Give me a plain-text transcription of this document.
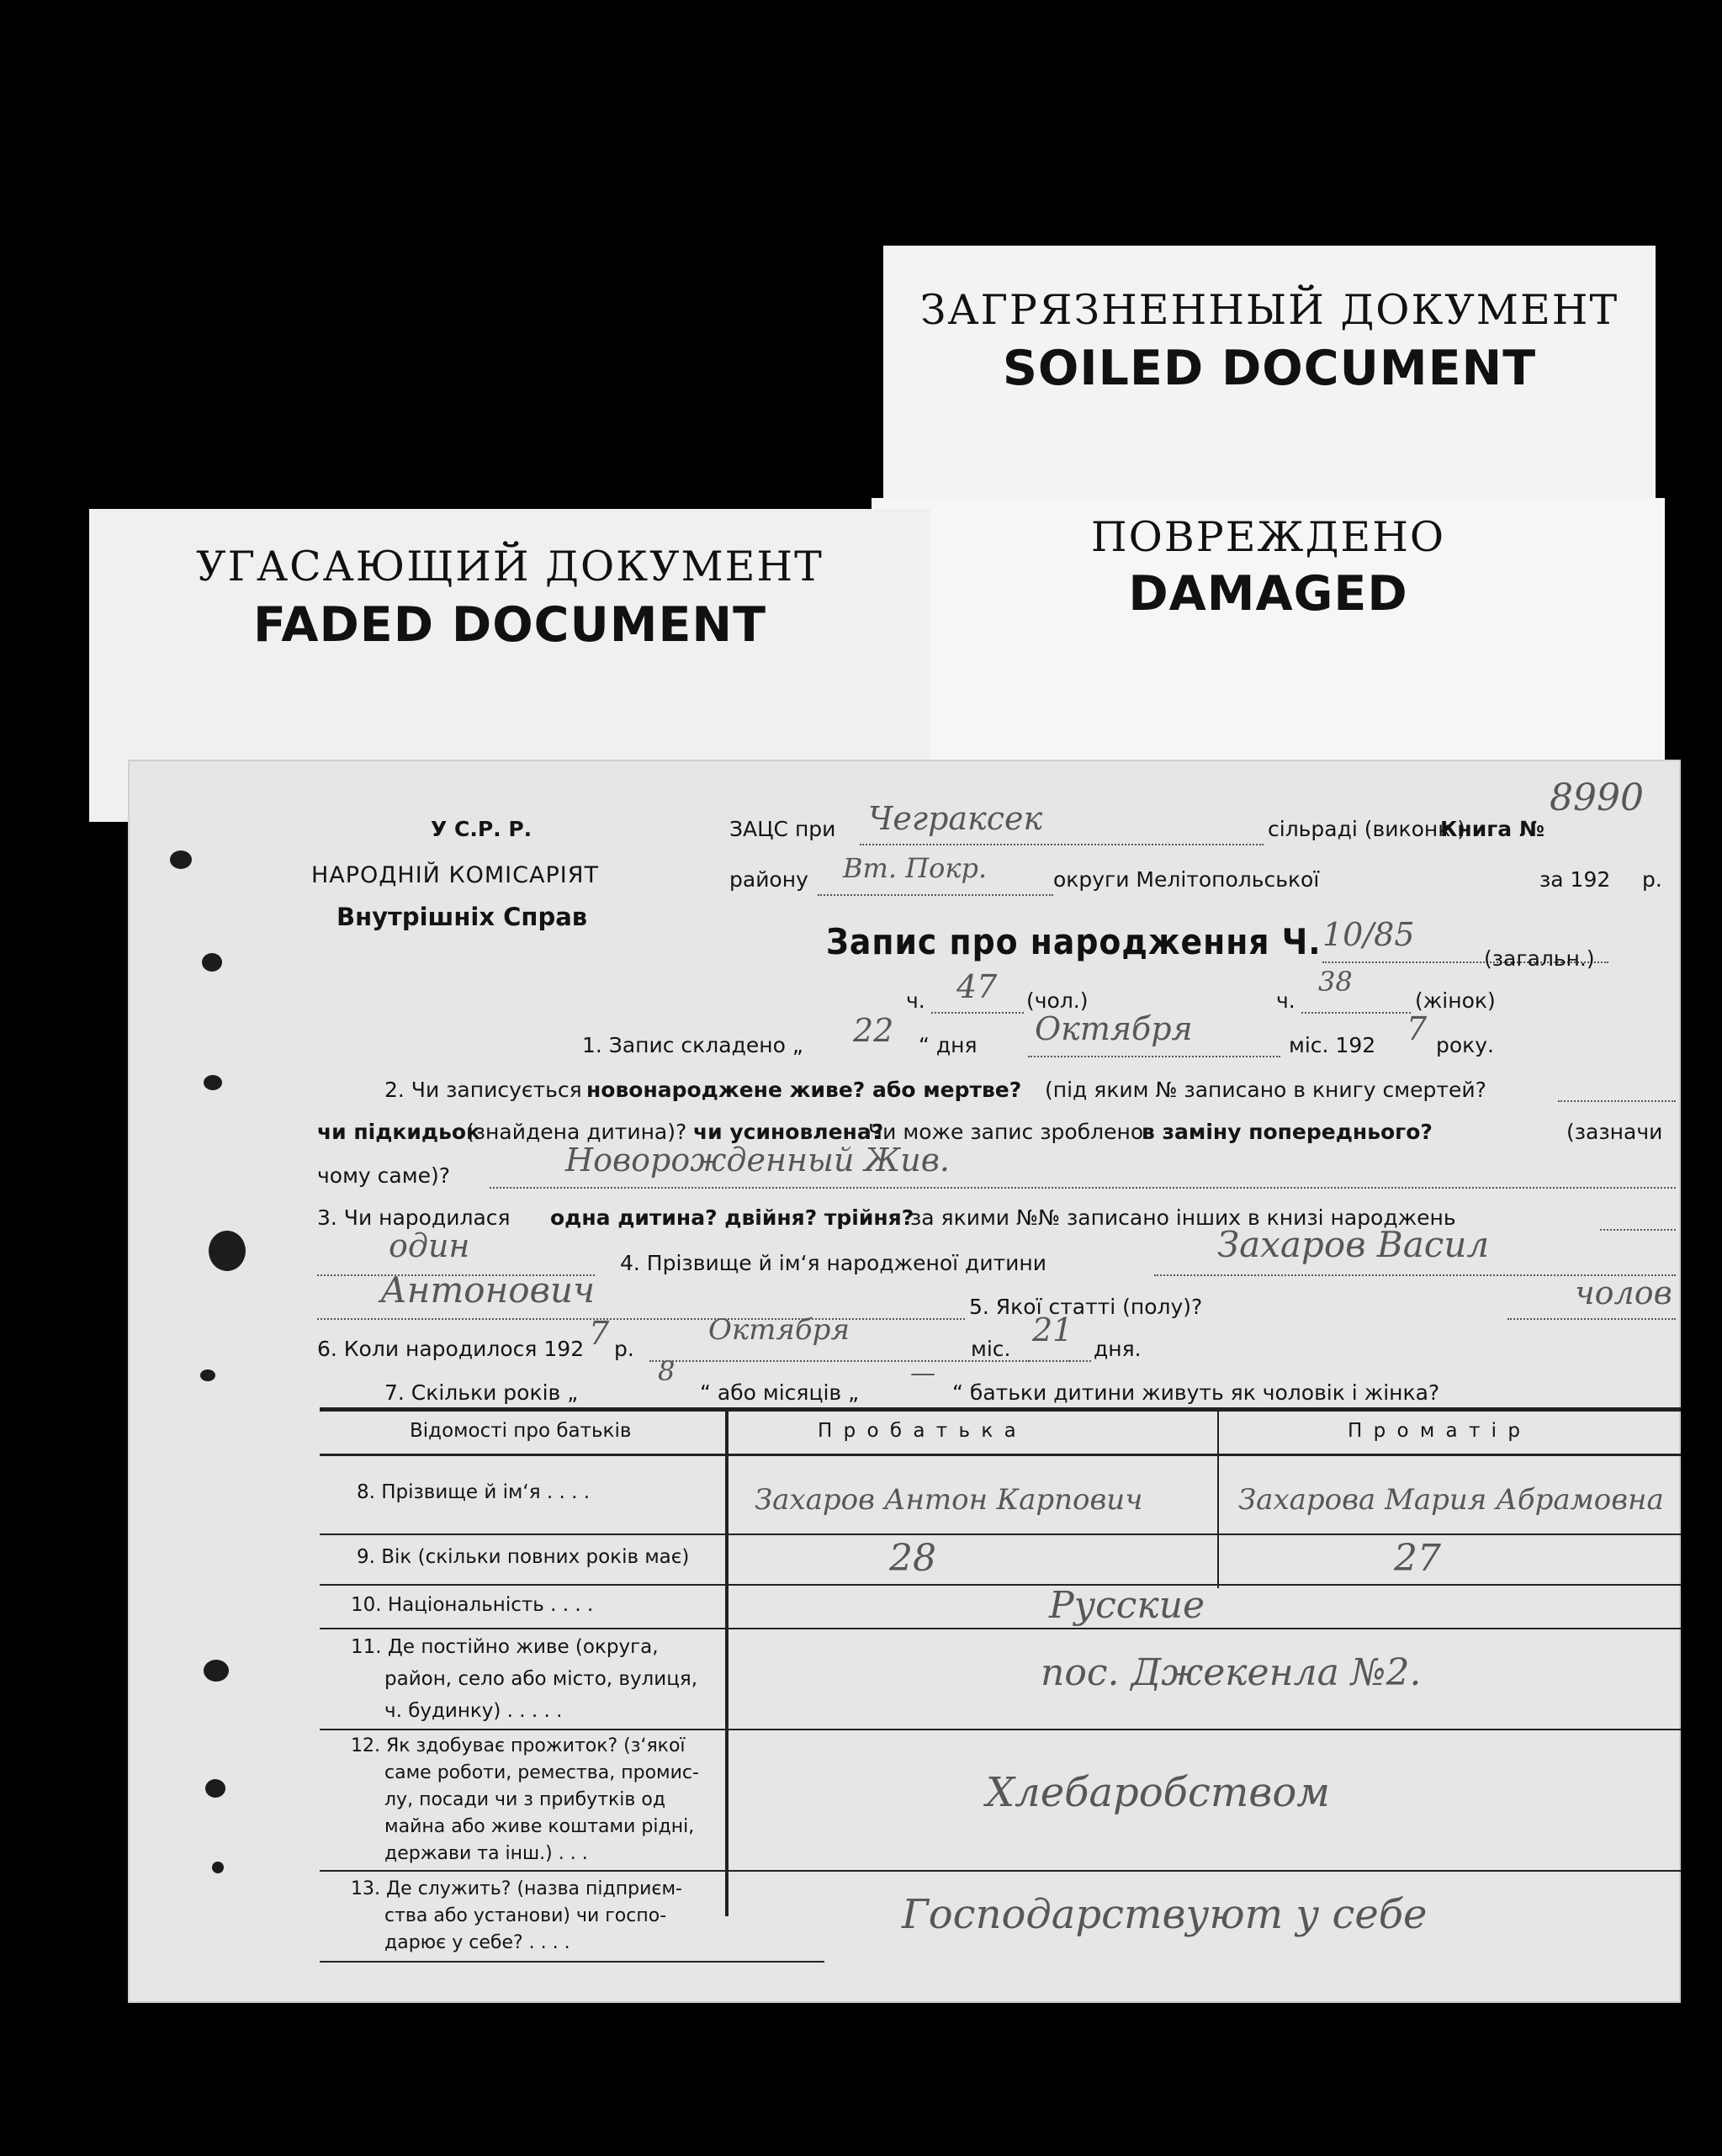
ЗАГРЯЗНЕННЫЙ ДОКУМЕНТ
SOILED DOCUMENT
ПОВРЕЖДЕНО
DAMAGED
УГАСАЮЩИЙ ДОКУМЕНТ
FADED DOCUMENT
У С.Р. Р.
НАРОДНІЙ КОМІСАРІЯТ
Внутрішніх Справ
ЗАЦС при Чеграксек	сільраді (виконк.)
Книга №
8990
району Вт. Покр.	округи Мелітопольської	за 192 р.
Запис про народження Ч. 10/85
(загальн.)
ч. 47 (чол.)	ч.
38
(жінок)
1. Запис складено „ 22 “ дня Октября	міс. 192 7 року.
2. Чи записується новонароджене живе? або мертве? (під яким № записано в книгу смертей?
чи підкидьок
(знайдена дитина)? чи усиновлена?
Чи може запис зроблено
в заміну попереднього?	(зазначи
чому саме)?	Новорожденный Жив.
3. Чи народилася одна дитина? двійня? трійня?
за якими №№ записано інших в книзі народжень
один	4. Прізвище й ім‘я народженої дитини	Захаров Васил
Антонович	5. Якої статті (полу)?	чолов
6. Коли народилося 192 7 р.
Октября
міс.
21
дня.
7. Скільки років „
8
“ або місяців „
—
“ батьки дитини живуть як чоловік і жінка?
Відомості про батьків	П р о б а т ь к а	П р о м а т і р
8. Прізвище й ім‘я . . . .	Захаров Антон Карпович	Захарова Мария Абрамовна
9. Вік (скільки повних років має)	28	27
10. Національність . . . .	Русские
11. Де постійно живе (округа,
район, село або місто, вулиця,
ч. будинку) . . . . .
пос. Джекенла №2.
12. Як здобуває прожиток? (з‘якої
саме роботи, ремества, промис-
лу, посади чи з прибутків од
майна або живе коштами рідні,
держави та інш.) . . .
Хлебаробством
13. Де служить? (назва підприєм-
ства або установи) чи госпо-
дарює у себе? . . . .
Господарствуют у себе
